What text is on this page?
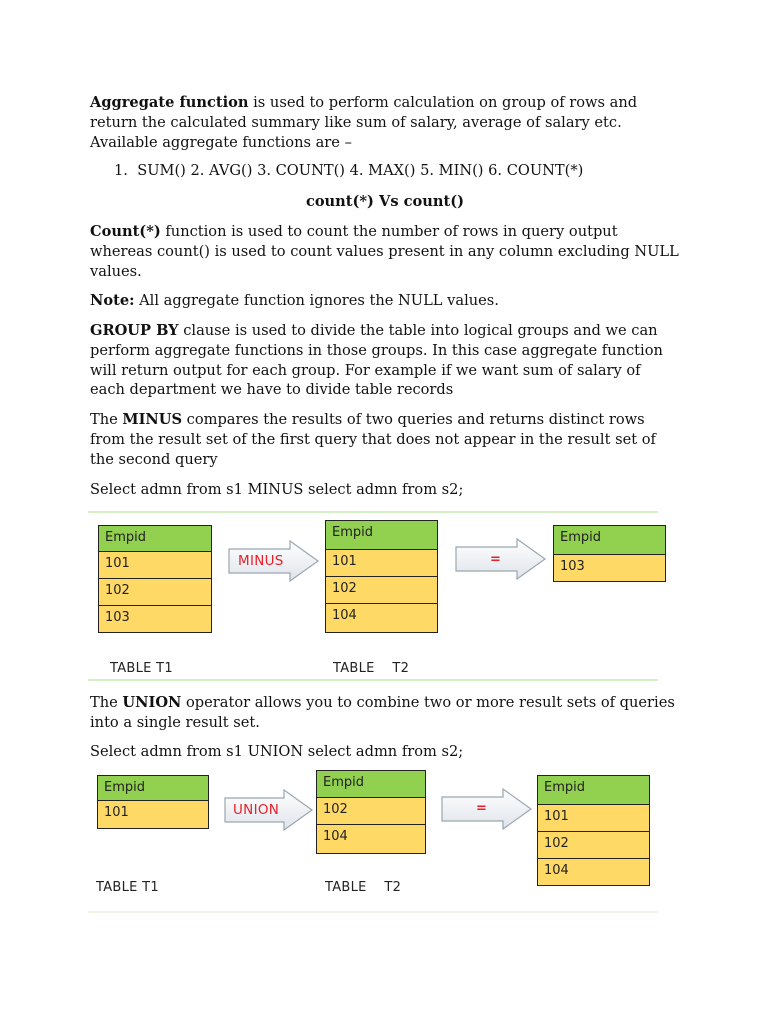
Aggregate function is used to perform calculation on group of rows and return the calculated summary like sum of salary, average of salary etc. Available aggregate functions are –
1. SUM() 2. AVG() 3. COUNT() 4. MAX() 5. MIN() 6. COUNT(*)
count(*) Vs count()
Count(*) function is used to count the number of rows in query output whereas count() is used to count values present in any column excluding NULL values.
Note: All aggregate function ignores the NULL values.
GROUP BY clause is used to divide the table into logical groups and we can perform aggregate functions in those groups. In this case aggregate function will return output for each group. For example if we want sum of salary of each department we have to divide table records
The MINUS compares the results of two queries and returns distinct rows from the result set of the first query that does not appear in the result set of the second query
Select admn from s1 MINUS select admn from s2;
Empid
101
102
103
MINUS
Empid
101
102
104
=
Empid
103
TABLE T1	TABLE    T2
The UNION operator allows you to combine two or more result sets of queries into a single result set.
Select admn from s1 UNION select admn from s2;
Empid
101	UNION
Empid
102
104
=
Empid
101
102
104
TABLE T1	TABLE    T2
